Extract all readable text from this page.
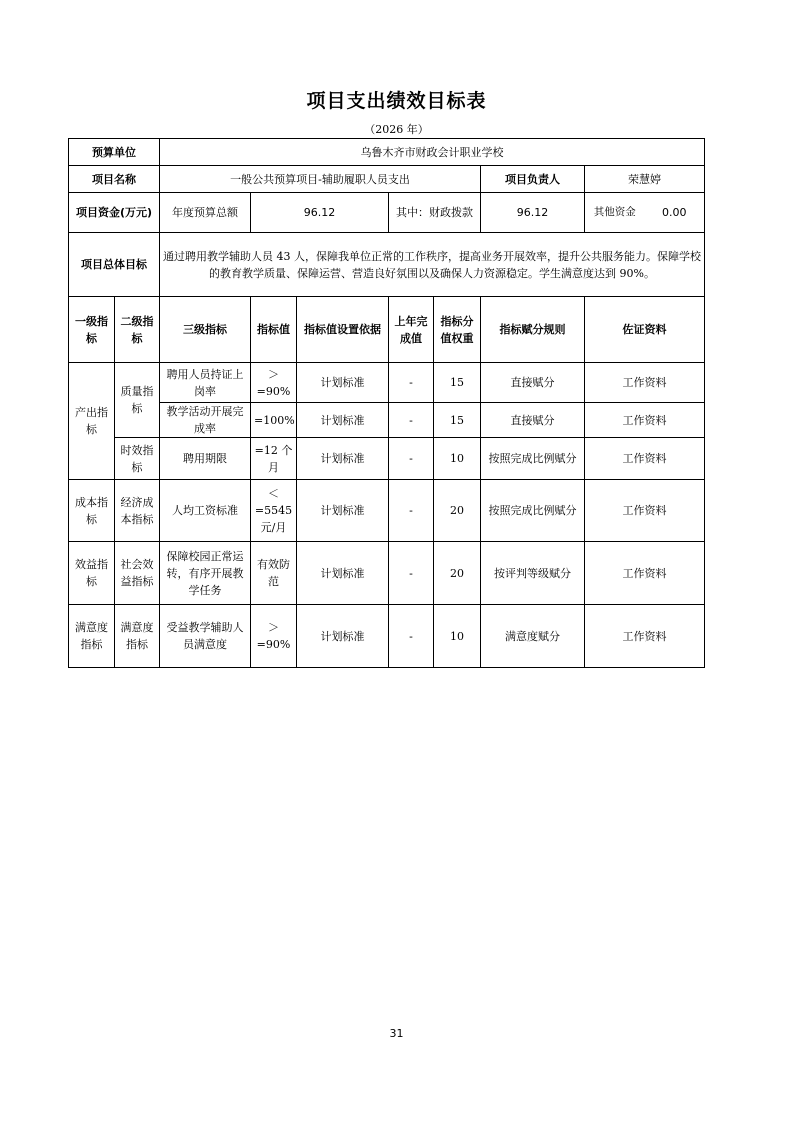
项目支出绩效目标表
（2026 年）
预算单位		乌鲁木齐市财政会计职业学校						
项目名称		一般公共预算项目-辅助履职人员支出					项目负责人	荣慧婷
项目资金(万元)		年度预算总额	96.12		其中：财政拨款		96.12	其他资金 0.00

项目总体目标		通过聘用教学辅助人员 43 人，保障我单位正常的工作秩序，提高业务开展效率，提升公共服务能力。保障学校的教育教学质量、保障运营、营造良好氛围以及确保人力资源稳定。学生满意度达到 90%。						
一级指标	二级指标	三级指标	指标值	指标值设置依据	上年完成值	指标分值权重	指标赋分规则	佐证资料
产出指标	质量指标	聘用人员持证上岗率	＞=90%	计划标准	-	15	直接赋分	工作资料
		教学活动开展完成率	=100%	计划标准	-	15	直接赋分	工作资料
	时效指标	聘用期限	=12 个月	计划标准	-	10	按照完成比例赋分	工作资料
成本指标	经济成本指标	人均工资标准	＜=5545 元/月	计划标准	-	20	按照完成比例赋分	工作资料
效益指标	社会效益指标	保障校园正常运转，有序开展教学任务	有效防范	计划标准	-	20	按评判等级赋分	工作资料
满意度指标	满意度指标	受益教学辅助人员满意度	＞=90%	计划标准	-	10	满意度赋分	工作资料
31
